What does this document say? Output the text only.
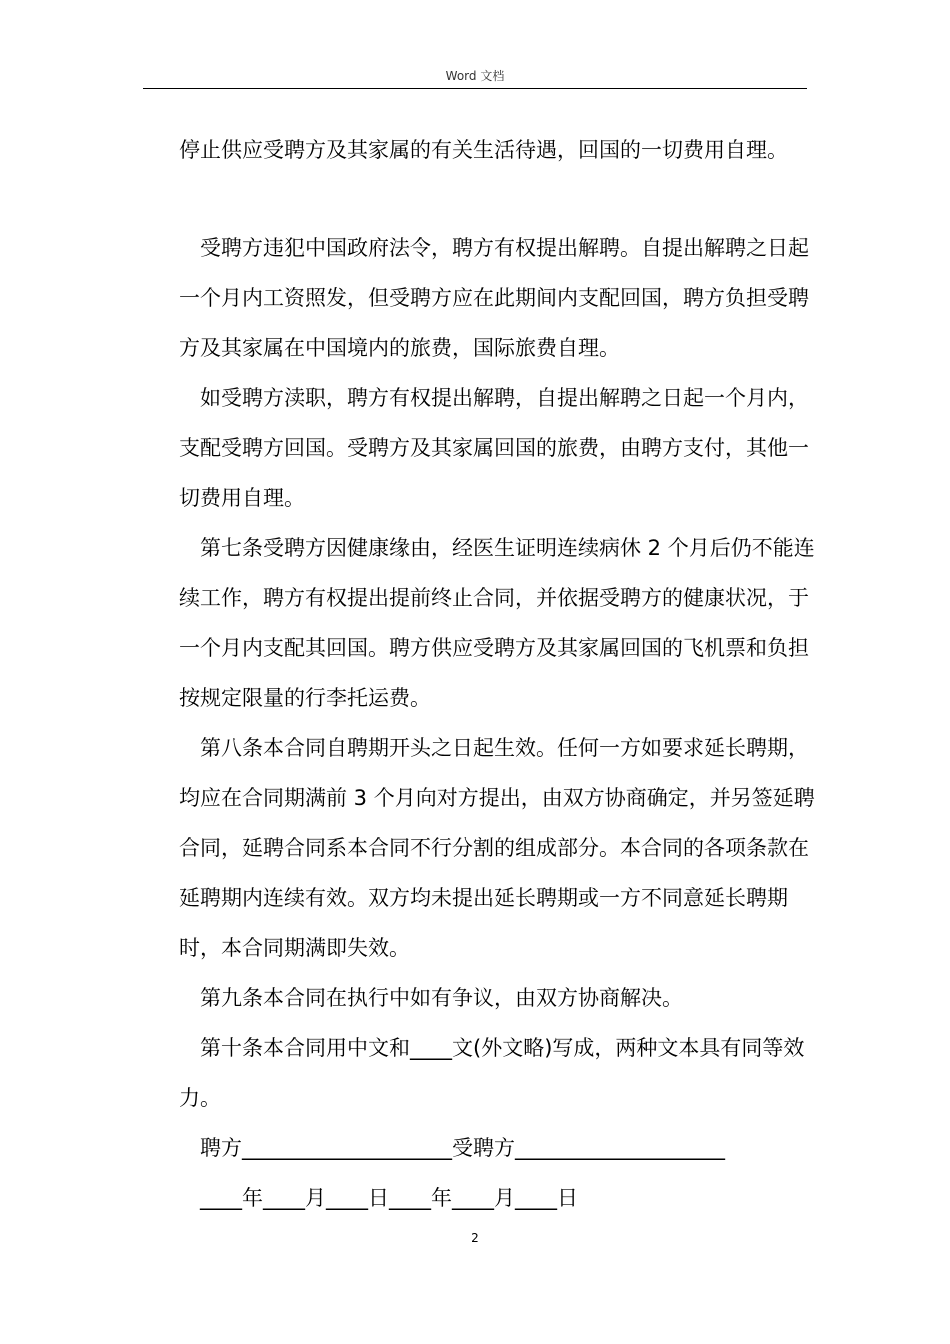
Word 文档

停止供应受聘方及其家属的有关生活待遇，回国的一切费用自理。

受聘方违犯中国政府法令，聘方有权提出解聘。自提出解聘之日起一个月内工资照发，但受聘方应在此期间内支配回国，聘方负担受聘方及其家属在中国境内的旅费，国际旅费自理。

如受聘方渎职，聘方有权提出解聘，自提出解聘之日起一个月内，支配受聘方回国。受聘方及其家属回国的旅费，由聘方支付，其他一切费用自理。

第七条受聘方因健康缘由，经医生证明连续病休 2 个月后仍不能连续工作，聘方有权提出提前终止合同，并依据受聘方的健康状况，于一个月内支配其回国。聘方供应受聘方及其家属回国的飞机票和负担按规定限量的行李托运费。

第八条本合同自聘期开头之日起生效。任何一方如要求延长聘期，均应在合同期满前 3 个月向对方提出，由双方协商确定，并另签延聘合同，延聘合同系本合同不行分割的组成部分。本合同的各项条款在延聘期内连续有效。双方均未提出延长聘期或一方不同意延长聘期时，本合同期满即失效。

第九条本合同在执行中如有争议，由双方协商解决。

第十条本合同用中文和____文(外文略)写成，两种文本具有同等效力。

聘方____________________受聘方____________________

____年____月____日____年____月____日

2
